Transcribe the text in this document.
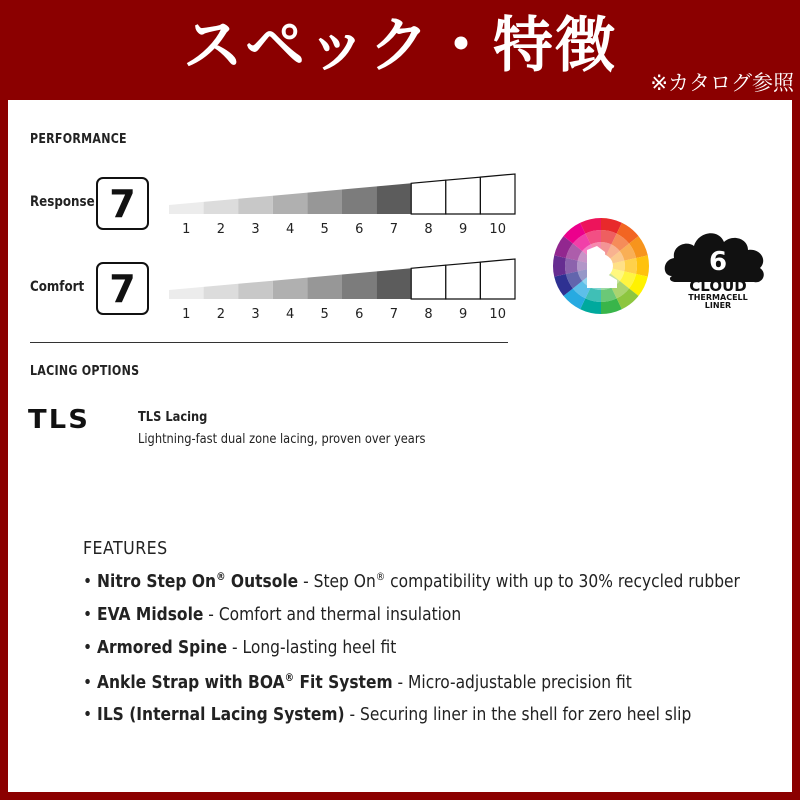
スペック・特徴
※カタログ参照
PERFORMANCE
Response 7
1 2 3 4 5 6 7 8 9 10
Comfort 7
1 2 3 4 5 6 7 8 9 10
LACING OPTIONS
TLS	TLS Lacing
Lightning-fast dual zone lacing, proven over years
6
CLOUD
THERMACELL
LINER
FEATURES
• Nitro Step On® Outsole - Step On® compatibility with up to 30% recycled rubber
• EVA Midsole - Comfort and thermal insulation
• Armored Spine - Long-lasting heel fit
• Ankle Strap with BOA® Fit System - Micro-adjustable precision fit
• ILS (Internal Lacing System) - Securing liner in the shell for zero heel slip
